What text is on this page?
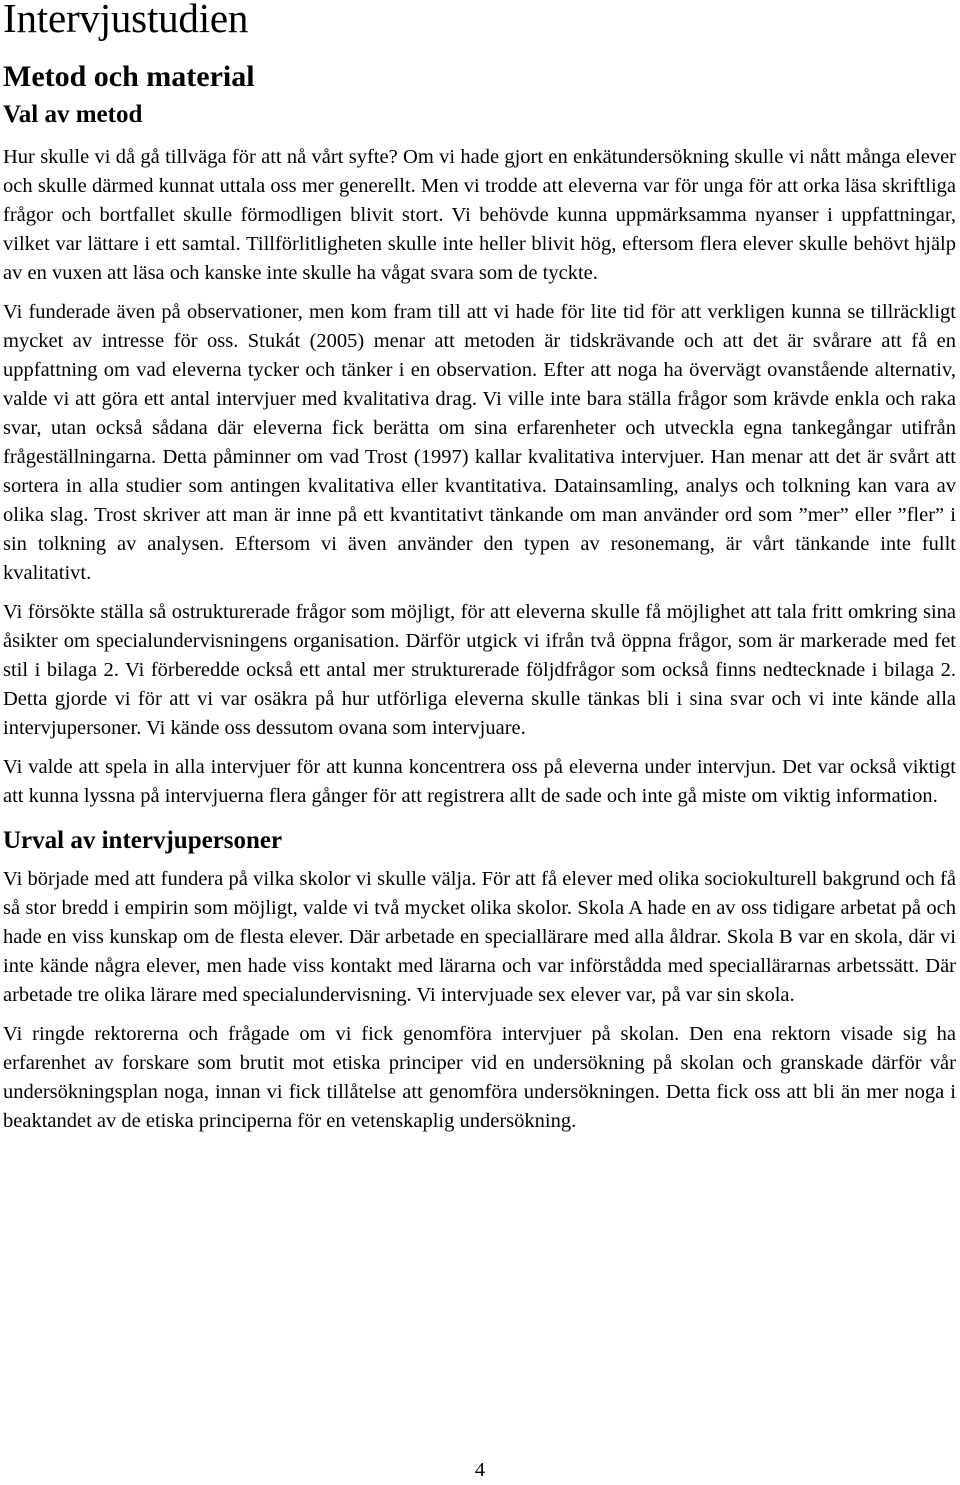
Intervjustudien
Metod och material
Val av metod

Hur skulle vi då gå tillväga för att nå vårt syfte? Om vi hade gjort en enkätundersökning skulle vi nått många elever och skulle därmed kunnat uttala oss mer generellt. Men vi trodde att eleverna var för unga för att orka läsa skriftliga frågor och bortfallet skulle förmodligen blivit stort. Vi behövde kunna uppmärksamma nyanser i uppfattningar, vilket var lättare i ett samtal. Tillförlitligheten skulle inte heller blivit hög, eftersom flera elever skulle behövt hjälp av en vuxen att läsa och kanske inte skulle ha vågat svara som de tyckte.

Vi funderade även på observationer, men kom fram till att vi hade för lite tid för att verkligen kunna se tillräckligt mycket av intresse för oss. Stukát (2005) menar att metoden är tidskrävande och att det är svårare att få en uppfattning om vad eleverna tycker och tänker i en observation. Efter att noga ha övervägt ovanstående alternativ, valde vi att göra ett antal intervjuer med kvalitativa drag. Vi ville inte bara ställa frågor som krävde enkla och raka svar, utan också sådana där eleverna fick berätta om sina erfarenheter och utveckla egna tankegångar utifrån frågeställningarna. Detta påminner om vad Trost (1997) kallar kvalitativa intervjuer. Han menar att det är svårt att sortera in alla studier som antingen kvalitativa eller kvantitativa. Datainsamling, analys och tolkning kan vara av olika slag. Trost skriver att man är inne på ett kvantitativt tänkande om man använder ord som ”mer” eller ”fler” i sin tolkning av analysen. Eftersom vi även använder den typen av resonemang, är vårt tänkande inte fullt kvalitativt.

Vi försökte ställa så ostrukturerade frågor som möjligt, för att eleverna skulle få möjlighet att tala fritt omkring sina åsikter om specialundervisningens organisation. Därför utgick vi ifrån två öppna frågor, som är markerade med fet stil i bilaga 2. Vi förberedde också ett antal mer strukturerade följdfrågor som också finns nedtecknade i bilaga 2. Detta gjorde vi för att vi var osäkra på hur utförliga eleverna skulle tänkas bli i sina svar och vi inte kände alla intervjupersoner. Vi kände oss dessutom ovana som intervjuare.

Vi valde att spela in alla intervjuer för att kunna koncentrera oss på eleverna under intervjun. Det var också viktigt att kunna lyssna på intervjuerna flera gånger för att registrera allt de sade och inte gå miste om viktig information.

Urval av intervjupersoner

Vi började med att fundera på vilka skolor vi skulle välja. För att få elever med olika sociokulturell bakgrund och få så stor bredd i empirin som möjligt, valde vi två mycket olika skolor. Skola A hade en av oss tidigare arbetat på och hade en viss kunskap om de flesta elever. Där arbetade en speciallärare med alla åldrar. Skola B var en skola, där vi inte kände några elever, men hade viss kontakt med lärarna och var införstådda med speciallärarnas arbetssätt. Där arbetade tre olika lärare med specialundervisning. Vi intervjuade sex elever var, på var sin skola.

Vi ringde rektorerna och frågade om vi fick genomföra intervjuer på skolan. Den ena rektorn visade sig ha erfarenhet av forskare som brutit mot etiska principer vid en undersökning på skolan och granskade därför vår undersökningsplan noga, innan vi fick tillåtelse att genomföra undersökningen. Detta fick oss att bli än mer noga i beaktandet av de etiska principerna för en vetenskaplig undersökning.

4
